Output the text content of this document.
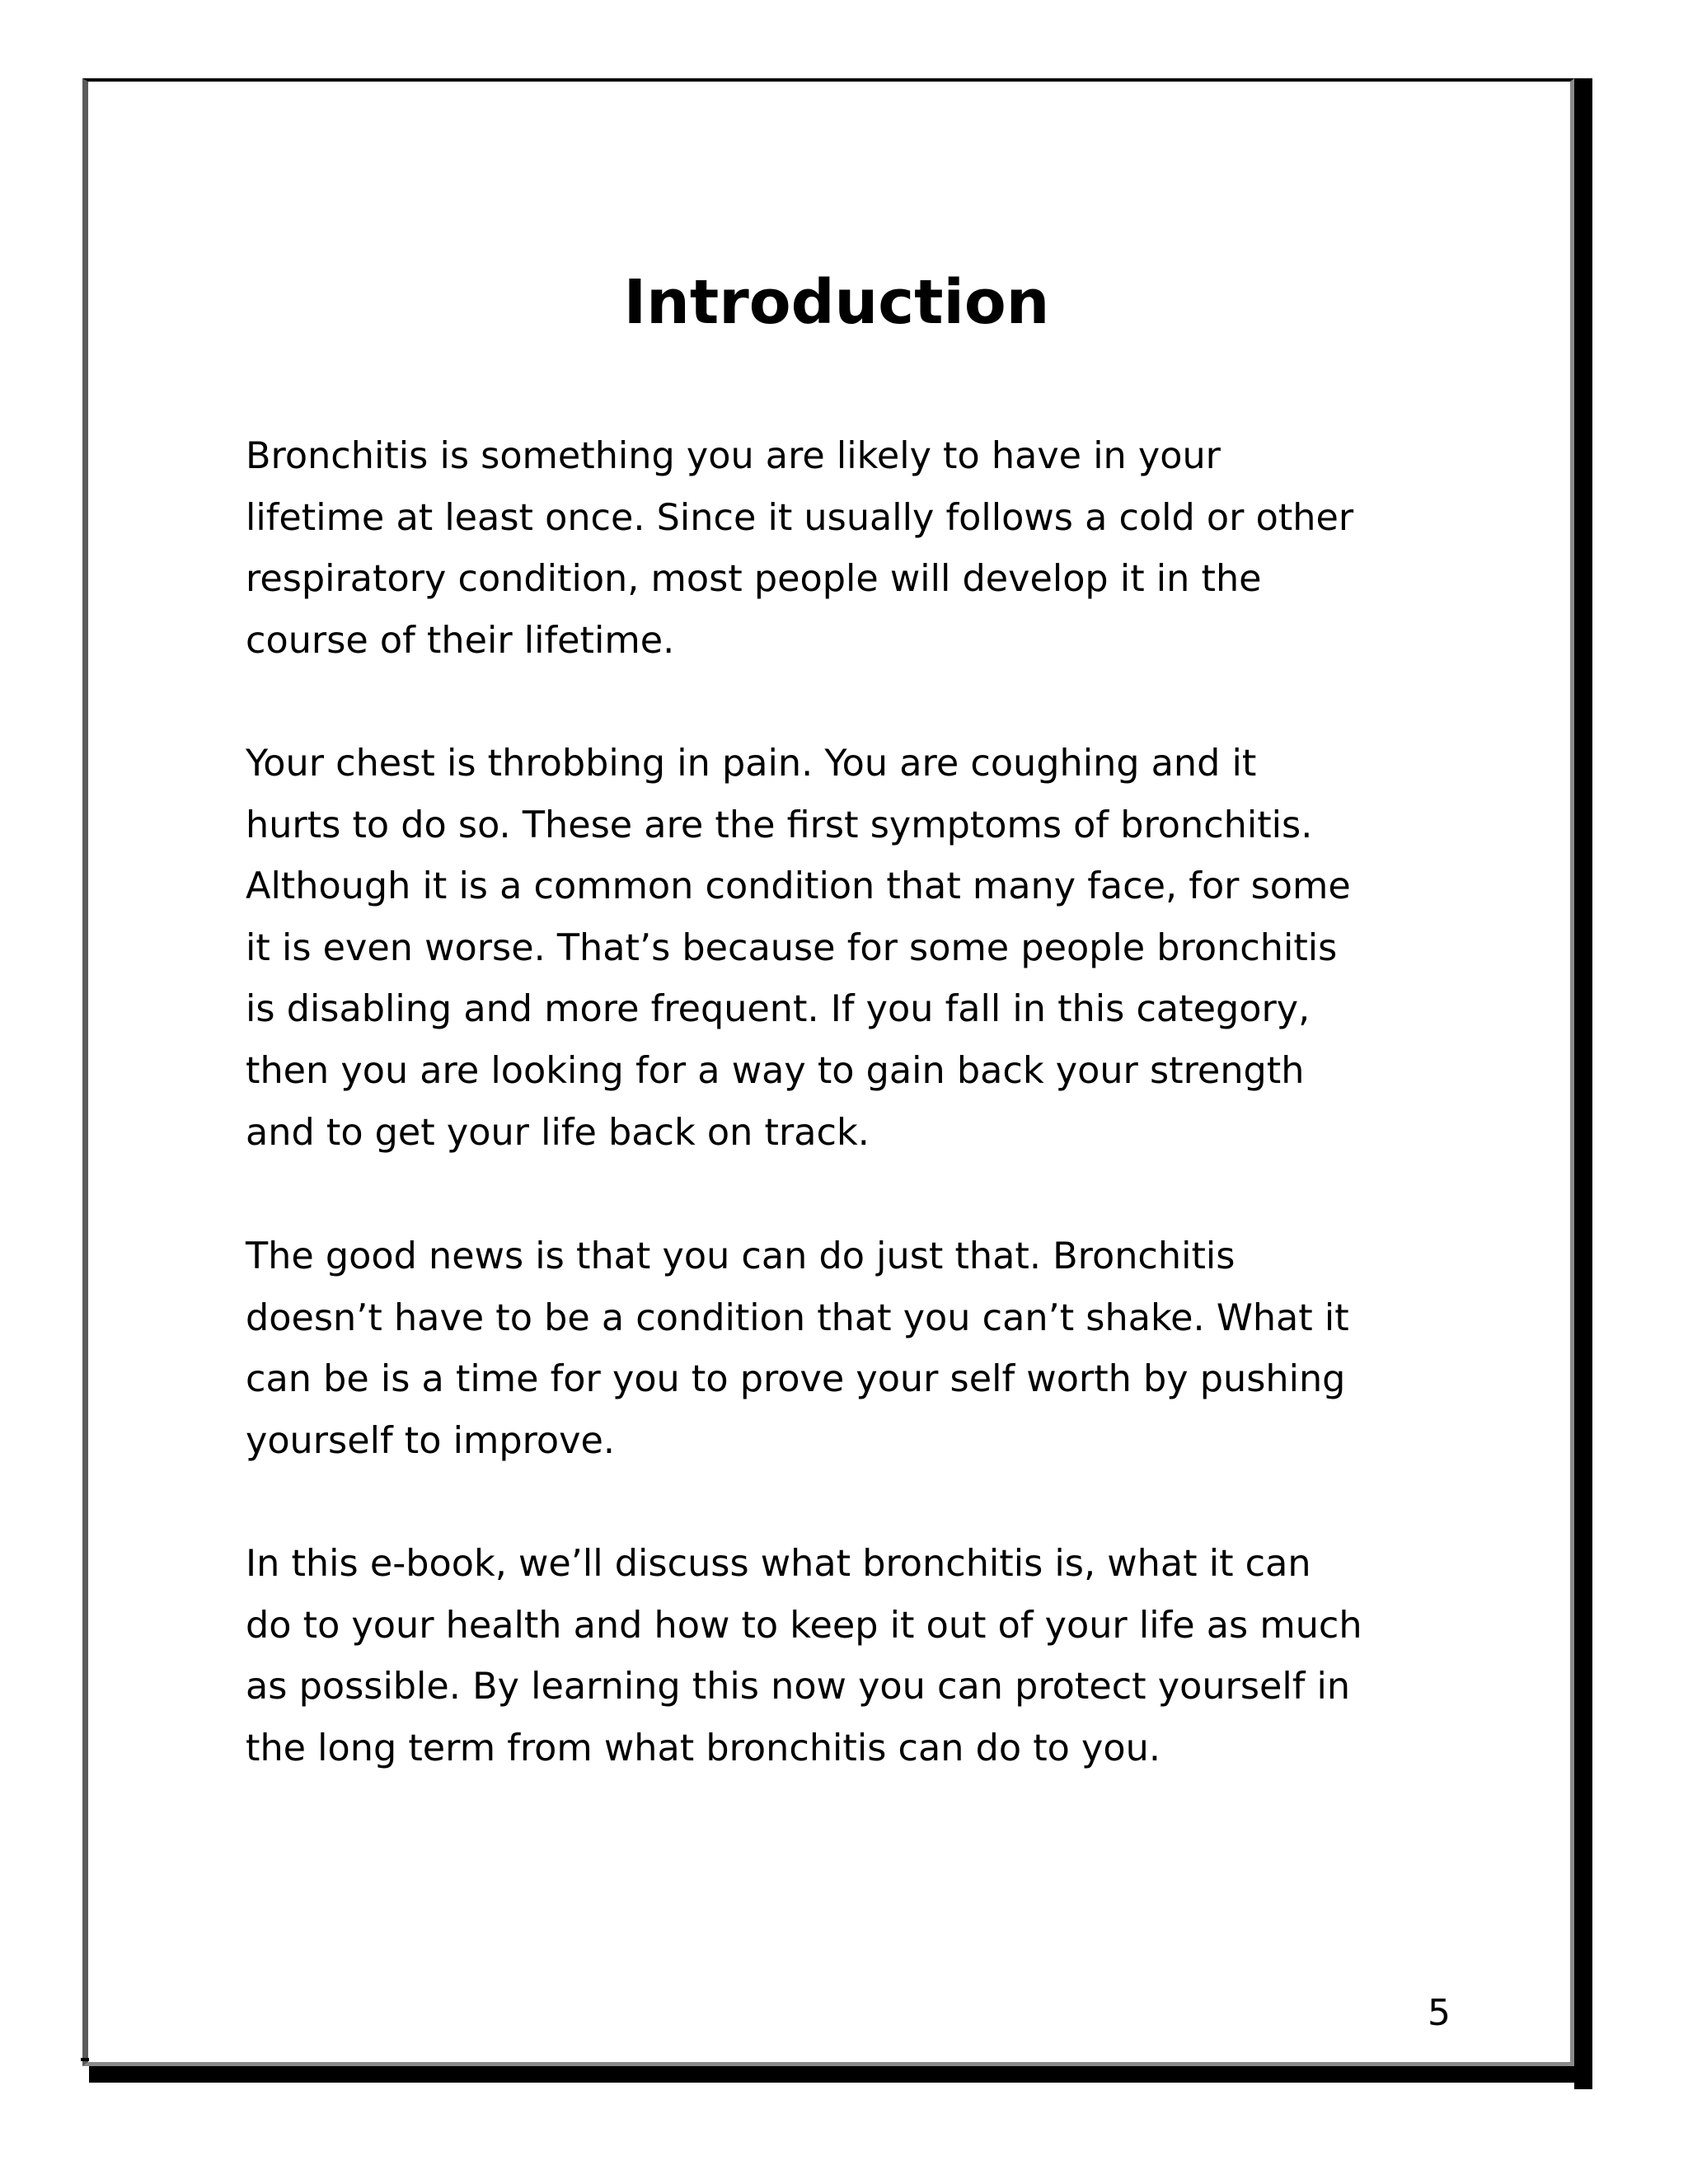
Introduction
Bronchitis is something you are likely to have in your
lifetime at least once. Since it usually follows a cold or other
respiratory condition, most people will develop it in the
course of their lifetime.
Your chest is throbbing in pain. You are coughing and it
hurts to do so. These are the first symptoms of bronchitis.
Although it is a common condition that many face, for some
it is even worse. That’s because for some people bronchitis
is disabling and more frequent. If you fall in this category,
then you are looking for a way to gain back your strength
and to get your life back on track.
The good news is that you can do just that. Bronchitis
doesn’t have to be a condition that you can’t shake. What it
can be is a time for you to prove your self worth by pushing
yourself to improve.
In this e-book, we’ll discuss what bronchitis is, what it can
do to your health and how to keep it out of your life as much
as possible. By learning this now you can protect yourself in
the long term from what bronchitis can do to you.
5
